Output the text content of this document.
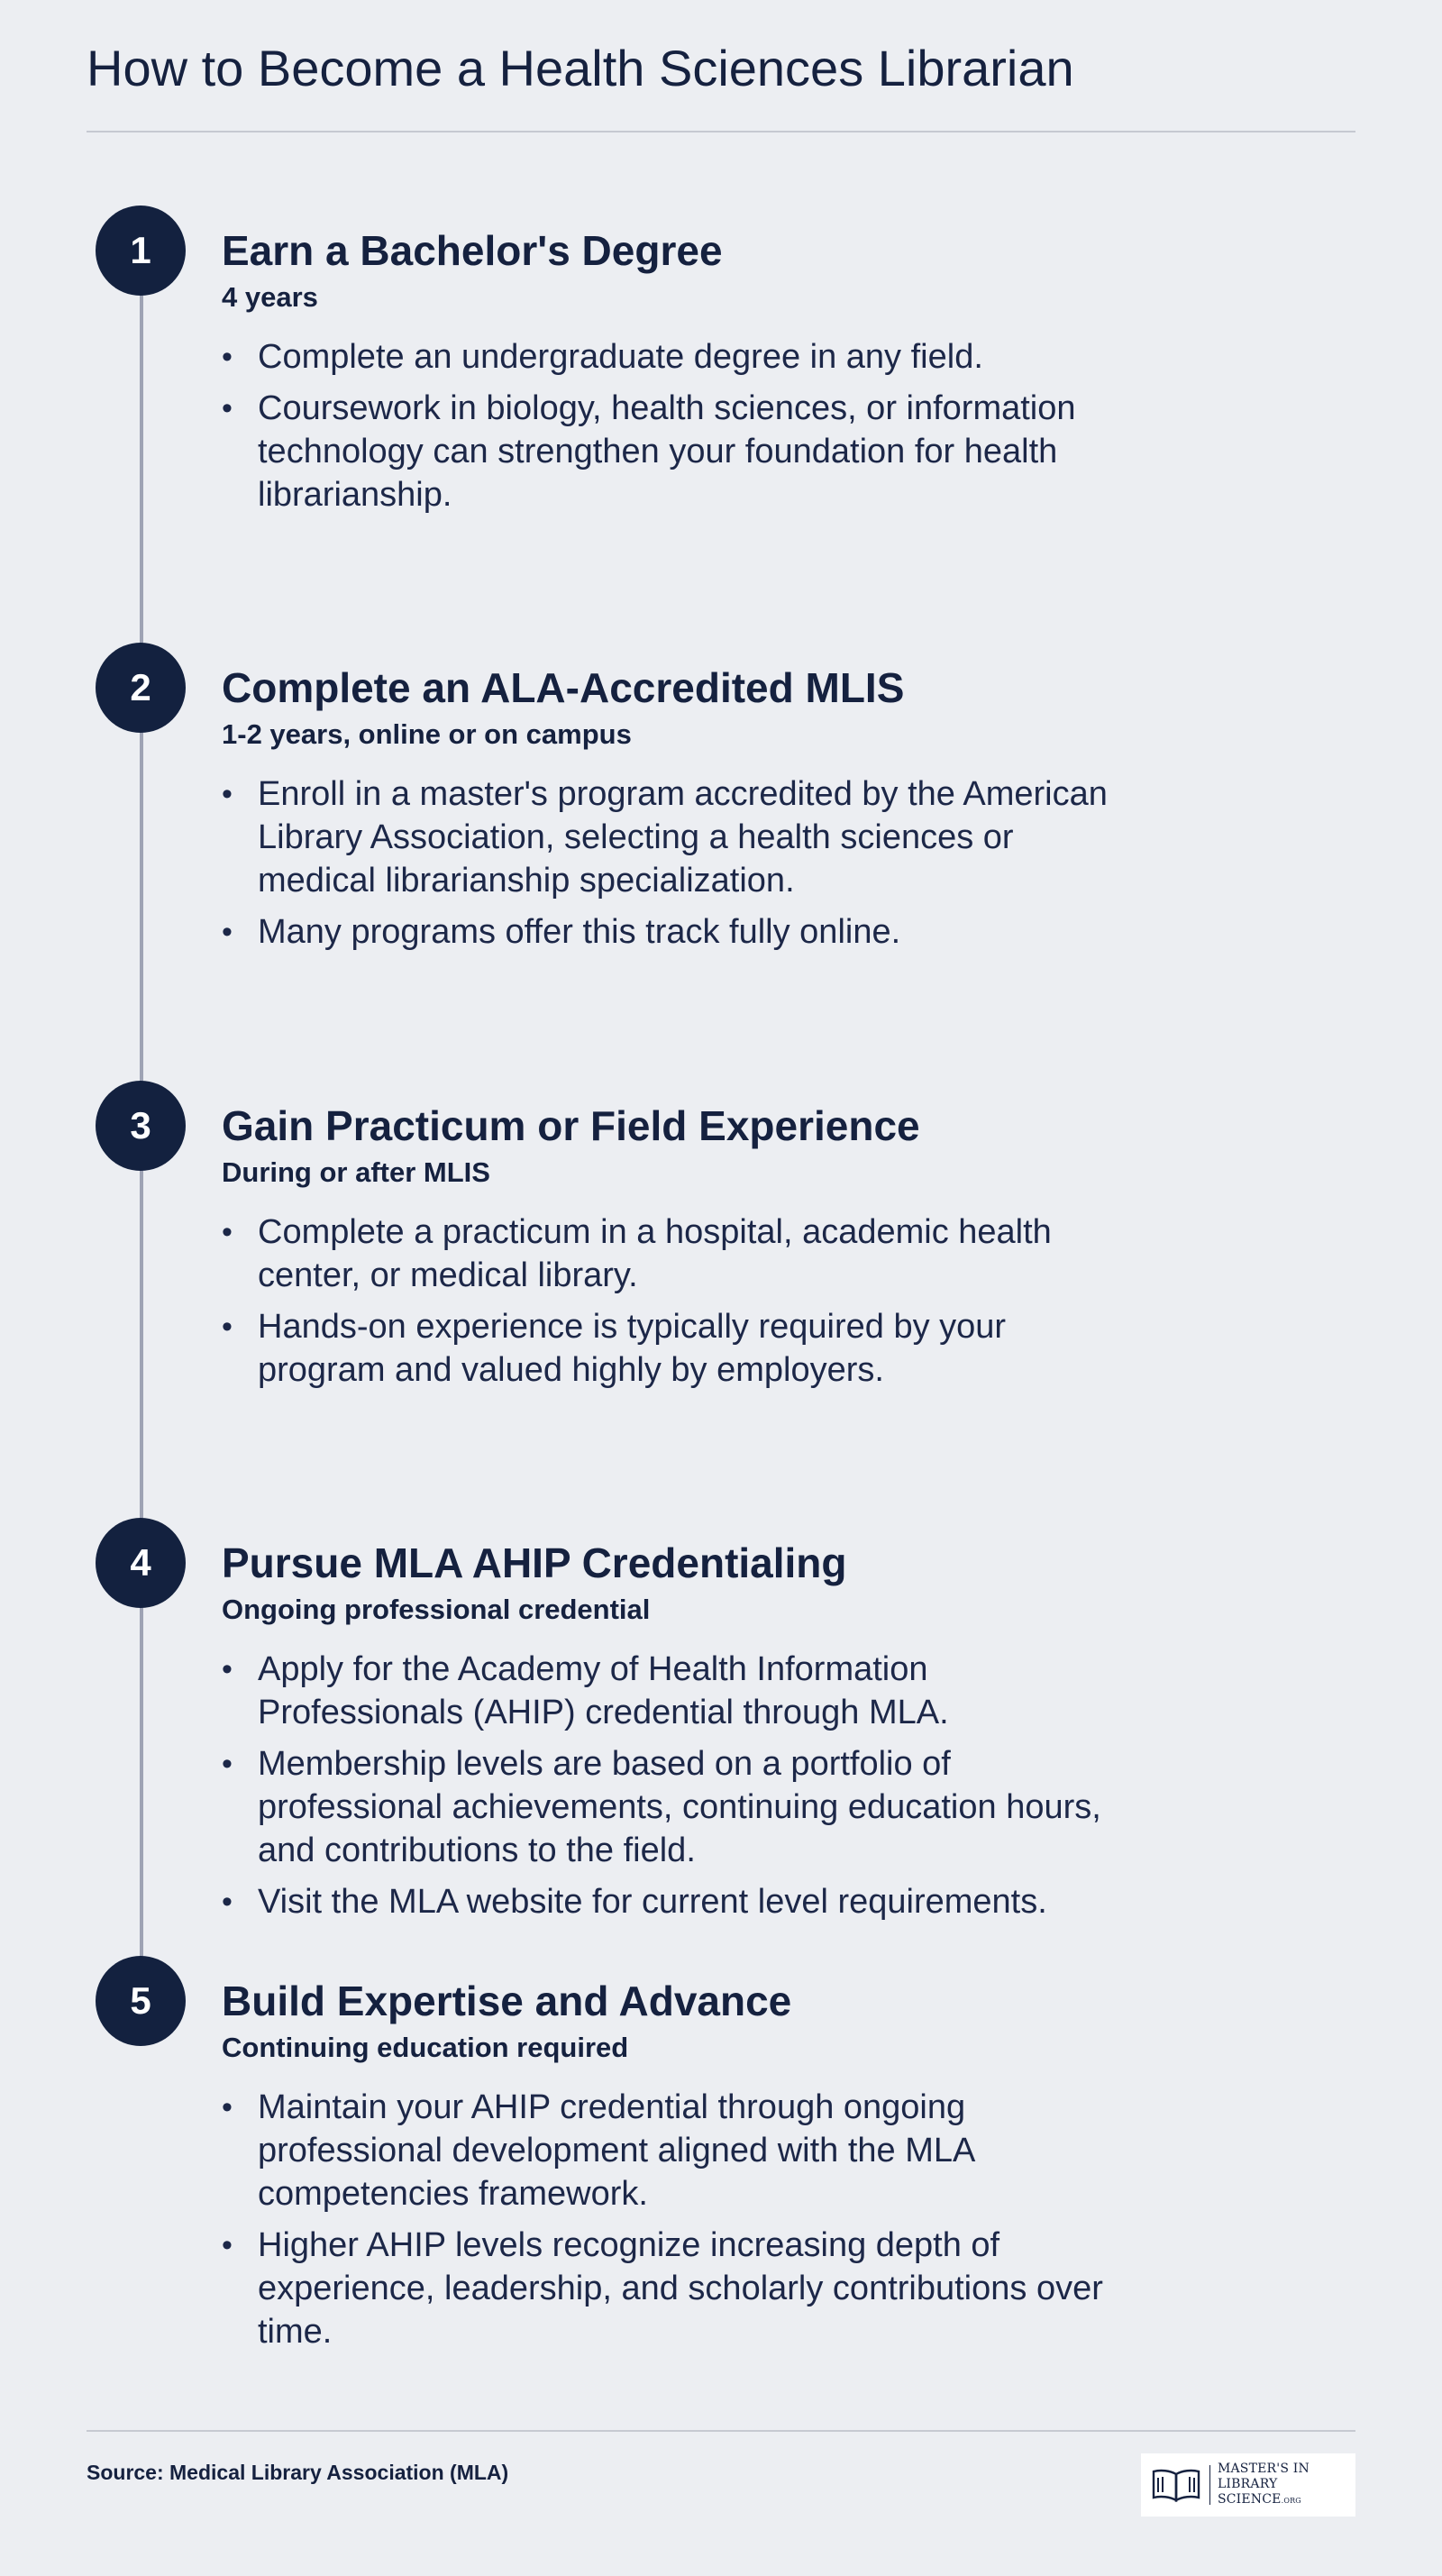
How to Become a Health Sciences Librarian
1	Earn a Bachelor's Degree
4 years
• Complete an undergraduate degree in any field.
• Coursework in biology, health sciences, or information technology can strengthen your foundation for health librarianship.
2	Complete an ALA-Accredited MLIS
1-2 years, online or on campus
• Enroll in a master's program accredited by the American Library Association, selecting a health sciences or medical librarianship specialization.
• Many programs offer this track fully online.
3	Gain Practicum or Field Experience
During or after MLIS
• Complete a practicum in a hospital, academic health center, or medical library.
• Hands-on experience is typically required by your program and valued highly by employers.
4	Pursue MLA AHIP Credentialing
Ongoing professional credential
• Apply for the Academy of Health Information Professionals (AHIP) credential through MLA.
• Membership levels are based on a portfolio of professional achievements, continuing education hours, and contributions to the field.
• Visit the MLA website for current level requirements.
5	Build Expertise and Advance
Continuing education required
• Maintain your AHIP credential through ongoing professional development aligned with the MLA competencies framework.
• Higher AHIP levels recognize increasing depth of experience, leadership, and scholarly contributions over time.
Source: Medical Library Association (MLA)	MASTER'S IN
LIBRARY SCIENCE.ORG
